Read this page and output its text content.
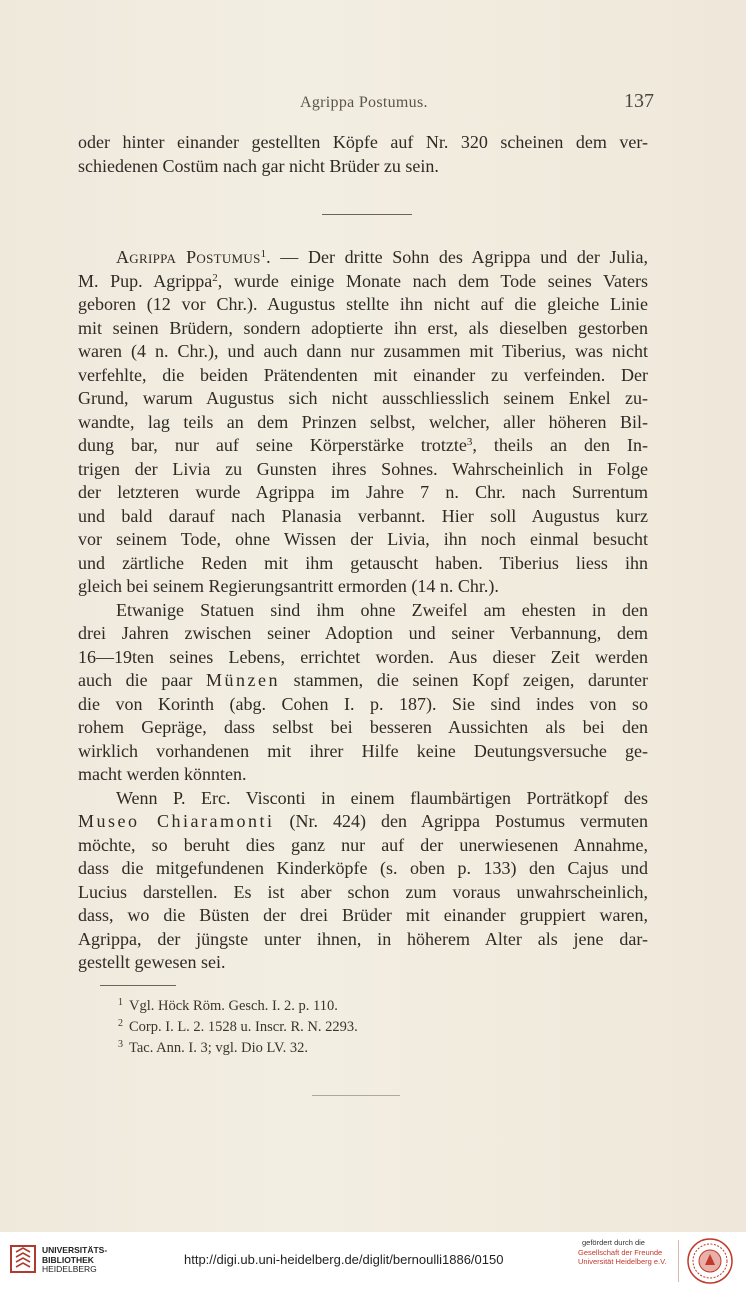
Agrippa Postumus.	137
oder hinter einander gestellten Köpfe auf Nr. 320 scheinen dem ver-
schiedenen Costüm nach gar nicht Brüder zu sein.
Agrippa Postumus$^1$. — Der dritte Sohn des Agrippa und der Julia,
M. Pup. Agrippa$^2$, wurde einige Monate nach dem Tode seines Vaters
geboren (12 vor Chr.). Augustus stellte ihn nicht auf die gleiche Linie
mit seinen Brüdern, sondern adoptierte ihn erst, als dieselben gestorben
waren (4 n. Chr.), und auch dann nur zusammen mit Tiberius, was nicht
verfehlte, die beiden Prätendenten mit einander zu verfeinden. Der
Grund, warum Augustus sich nicht ausschliesslich seinem Enkel zu-
wandte, lag teils an dem Prinzen selbst, welcher, aller höheren Bil-
dung bar, nur auf seine Körperstärke trotzte$^3$, theils an den In-
trigen der Livia zu Gunsten ihres Sohnes. Wahrscheinlich in Folge
der letzteren wurde Agrippa im Jahre 7 n. Chr. nach Surrentum
und bald darauf nach Planasia verbannt. Hier soll Augustus kurz
vor seinem Tode, ohne Wissen der Livia, ihn noch einmal besucht
und zärtliche Reden mit ihm getauscht haben. Tiberius liess ihn
gleich bei seinem Regierungsantritt ermorden (14 n. Chr.).
Etwanige Statuen sind ihm ohne Zweifel am ehesten in den
drei Jahren zwischen seiner Adoption und seiner Verbannung, dem
16—19ten seines Lebens, errichtet worden. Aus dieser Zeit werden
auch die paar Münzen stammen, die seinen Kopf zeigen, darunter
die von Korinth (abg. Cohen I. p. 187). Sie sind indes von so
rohem Gepräge, dass selbst bei besseren Aussichten als bei den
wirklich vorhandenen mit ihrer Hilfe keine Deutungsversuche ge-
macht werden könnten.
Wenn P. Erc. Visconti in einem flaumbärtigen Porträtkopf des
Museo Chiaramonti (Nr. 424) den Agrippa Postumus vermuten
möchte, so beruht dies ganz nur auf der unerwiesenen Annahme,
dass die mitgefundenen Kinderköpfe (s. oben p. 133) den Cajus und
Lucius darstellen. Es ist aber schon zum voraus unwahrscheinlich,
dass, wo die Büsten der drei Brüder mit einander gruppiert waren,
Agrippa, der jüngste unter ihnen, in höherem Alter als jene dar-
gestellt gewesen sei.
$^1$ Vgl. Höck Röm. Gesch. I. 2. p. 110.
$^2$ Corp. I. L. 2. 1528 u. Inscr. R. N. 2293.
$^3$ Tac. Ann. I. 3; vgl. Dio LV. 32.
UNIVERSITÄTS-
BIBLIOTHEK
HEIDELBERG
http://digi.ub.uni-heidelberg.de/diglit/bernoulli1886/0150
gefördert durch die
Gesellschaft der Freunde
Universität Heidelberg e.V.
